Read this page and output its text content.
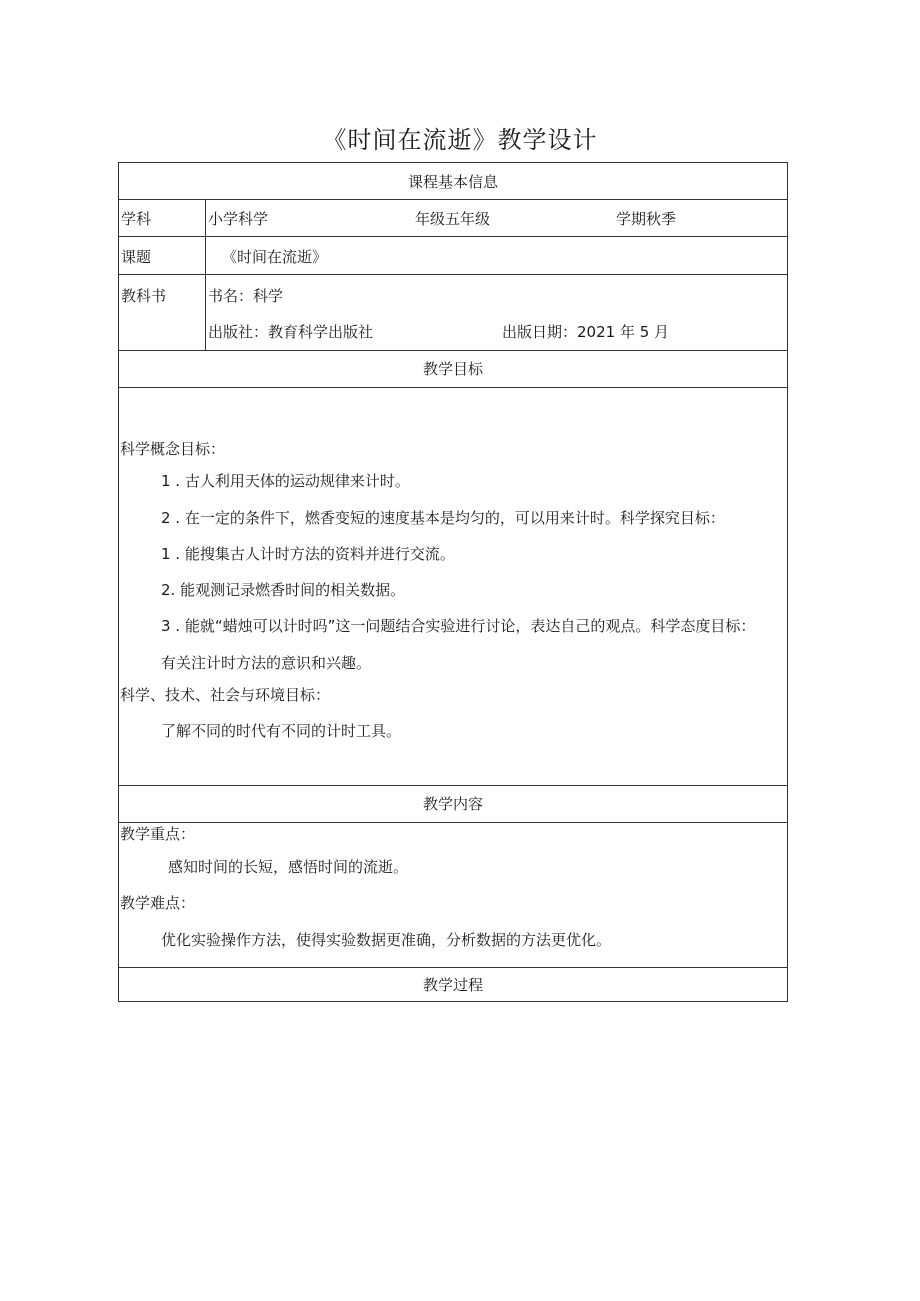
《时间在流逝》教学设计
课程基本信息
学科	小学科学	年级五年级	学期秋季
课题	《时间在流逝》
教科书	书名：科学
出版社：教育科学出版社	出版日期：2021 年 5 月
教学目标
科学概念目标：
1 . 古人利用天体的运动规律来计时。
2 . 在一定的条件下，燃香变短的速度基本是均匀的，可以用来计时。科学探究目标：
1 . 能搜集古人计时方法的资料并进行交流。
2. 能观测记录燃香时间的相关数据。
3 . 能就“蜡烛可以计时吗”这一问题结合实验进行讨论，表达自己的观点。科学态度目标：
有关注计时方法的意识和兴趣。
科学、技术、社会与环境目标：
了解不同的时代有不同的计时工具。
教学内容
教学重点：
感知时间的长短，感悟时间的流逝。
教学难点：
优化实验操作方法，使得实验数据更准确，分析数据的方法更优化。
教学过程
